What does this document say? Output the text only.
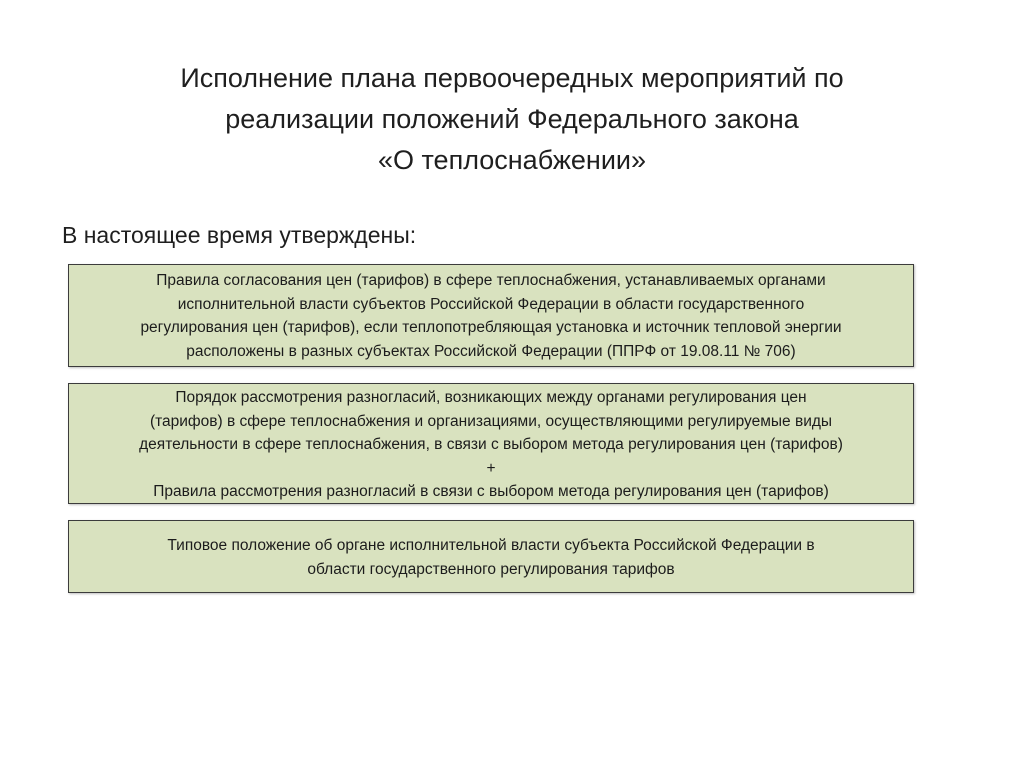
Исполнение плана первоочередных мероприятий по
реализации положений Федерального закона
«О теплоснабжении»
В настоящее время утверждены:
Правила согласования цен (тарифов) в сфере теплоснабжения, устанавливаемых органами
исполнительной власти субъектов Российской Федерации в области государственного
регулирования цен (тарифов), если теплопотребляющая установка и источник тепловой энергии
расположены в разных субъектах Российской Федерации (ППРФ от 19.08.11 № 706)
Порядок рассмотрения разногласий, возникающих между органами регулирования цен
(тарифов) в сфере теплоснабжения и организациями, осуществляющими регулируемые виды
деятельности в сфере теплоснабжения, в связи с выбором метода регулирования цен (тарифов)
+
Правила рассмотрения разногласий в связи с выбором метода регулирования цен (тарифов)
Типовое положение об органе исполнительной власти субъекта Российской Федерации в
области государственного регулирования тарифов
